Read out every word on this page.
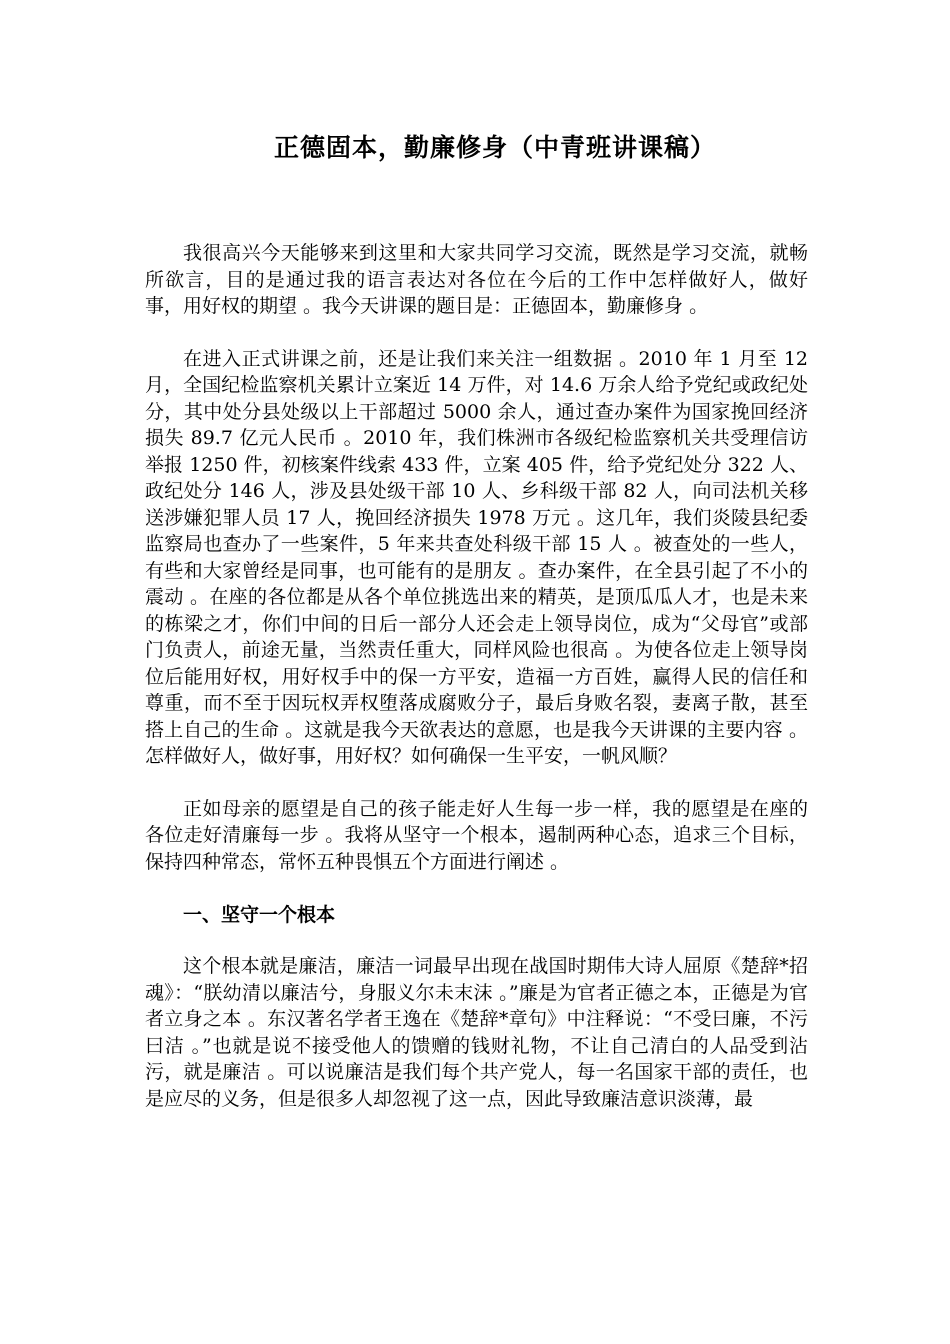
正德固本，勤廉修身（中青班讲课稿）

我很高兴今天能够来到这里和大家共同学习交流，既然是学习交流，就畅所欲言，目的是通过我的语言表达对各位在今后的工作中怎样做好人，做好事，用好权的期望 。我今天讲课的题目是：正德固本，勤廉修身 。

在进入正式讲课之前，还是让我们来关注一组数据 。2010 年 1 月至 12 月，全国纪检监察机关累计立案近 14 万件，对 14.6 万余人给予党纪或政纪处分，其中处分县处级以上干部超过 5000 余人，通过查办案件为国家挽回经济损失 89.7 亿元人民币 。2010 年，我们株洲市各级纪检监察机关共受理信访举报 1250 件，初核案件线索 433 件，立案 405 件，给予党纪处分 322 人、政纪处分 146 人，涉及县处级干部 10 人、乡科级干部 82 人，向司法机关移送涉嫌犯罪人员 17 人，挽回经济损失 1978 万元 。这几年，我们炎陵县纪委监察局也查办了一些案件，5 年来共查处科级干部 15 人 。被查处的一些人，有些和大家曾经是同事，也可能有的是朋友 。查办案件，在全县引起了不小的震动 。在座的各位都是从各个单位挑选出来的精英，是顶瓜瓜人才，也是未来的栋梁之才，你们中间的日后一部分人还会走上领导岗位，成为“父母官”或部门负责人，前途无量，当然责任重大，同样风险也很高 。为使各位走上领导岗位后能用好权，用好权手中的保一方平安，造福一方百姓，赢得人民的信任和尊重，而不至于因玩权弄权堕落成腐败分子，最后身败名裂，妻离子散，甚至搭上自己的生命 。这就是我今天欲表达的意愿，也是我今天讲课的主要内容 。怎样做好人，做好事，用好权？如何确保一生平安，一帆风顺？

正如母亲的愿望是自己的孩子能走好人生每一步一样，我的愿望是在座的各位走好清廉每一步 。我将从坚守一个根本，遏制两种心态，追求三个目标，保持四种常态，常怀五种畏惧五个方面进行阐述 。

一、坚守一个根本

这个根本就是廉洁，廉洁一词最早出现在战国时期伟大诗人屈原《楚辞*招魂》：“朕幼清以廉洁兮，身服义尔未末沫 。”廉是为官者正德之本，正德是为官者立身之本 。东汉著名学者王逸在《楚辞*章句》中注释说：“不受曰廉，不污曰洁 。”也就是说不接受他人的馈赠的钱财礼物，不让自己清白的人品受到沾污，就是廉洁 。可以说廉洁是我们每个共产党人，每一名国家干部的责任，也是应尽的义务，但是很多人却忽视了这一点，因此导致廉洁意识淡薄，最
